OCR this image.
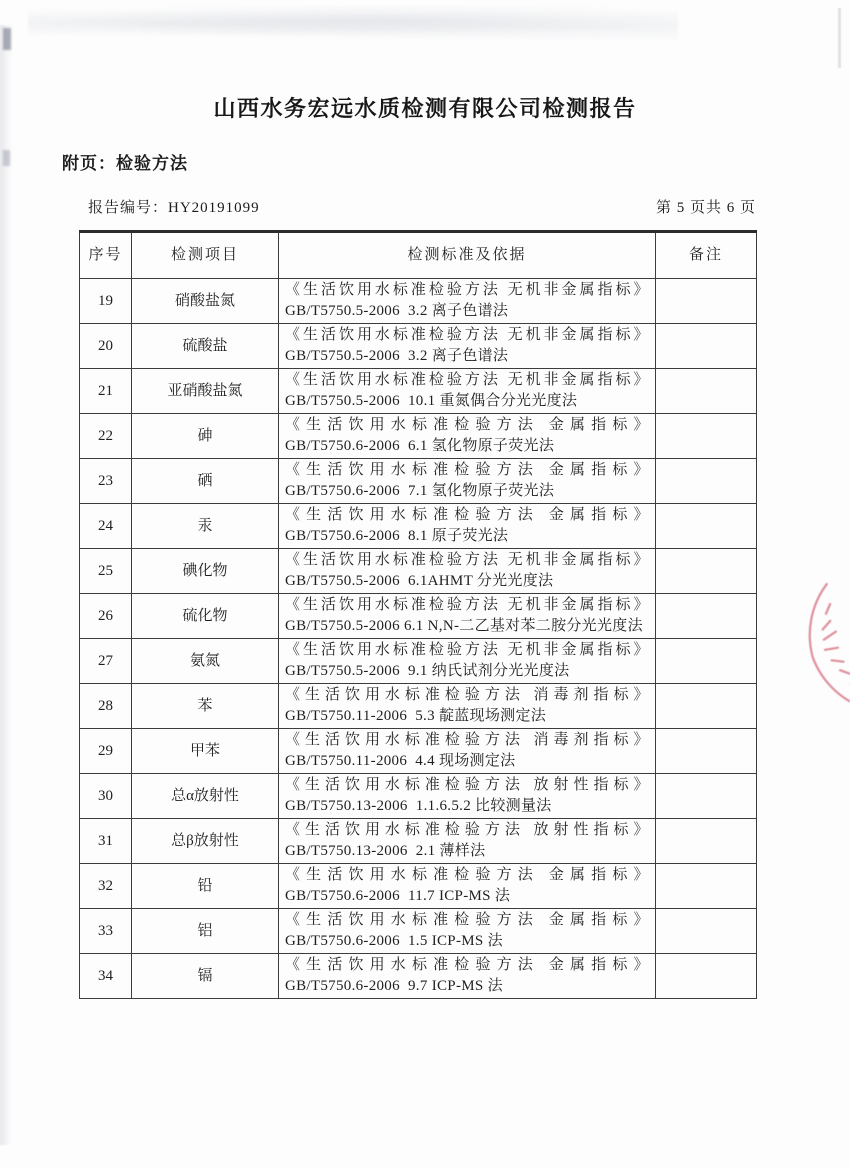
山西水务宏远水质检测有限公司检测报告
附页：检验方法
报告编号：HY20191099	第 5 页共 6 页
序号	检测项目	检测标准及依据	备注
19	硝酸盐氮	《生活饮用水标准检验方法 无机非金属指标》
GB/T5750.5-2006  3.2 离子色谱法	

20	硫酸盐	《生活饮用水标准检验方法 无机非金属指标》
GB/T5750.5-2006  3.2 离子色谱法	

21	亚硝酸盐氮	《生活饮用水标准检验方法 无机非金属指标》
GB/T5750.5-2006  10.1 重氮偶合分光光度法	

22	砷	《生活饮用水标准检验方法 金属指标》
GB/T5750.6-2006  6.1 氢化物原子荧光法	

23	硒	《生活饮用水标准检验方法 金属指标》
GB/T5750.6-2006  7.1 氢化物原子荧光法	

24	汞	《生活饮用水标准检验方法 金属指标》
GB/T5750.6-2006  8.1 原子荧光法	

25	碘化物	《生活饮用水标准检验方法 无机非金属指标》
GB/T5750.5-2006  6.1AHMT 分光光度法	

26	硫化物	《生活饮用水标准检验方法 无机非金属指标》
GB/T5750.5-2006 6.1 N,N-二乙基对苯二胺分光光度法	

27	氨氮	《生活饮用水标准检验方法 无机非金属指标》
GB/T5750.5-2006  9.1 纳氏试剂分光光度法	

28	苯	《生活饮用水标准检验方法 消毒剂指标》
GB/T5750.11-2006  5.3 靛蓝现场测定法	

29	甲苯	《生活饮用水标准检验方法 消毒剂指标》
GB/T5750.11-2006  4.4 现场测定法	

30	总α放射性	《生活饮用水标准检验方法 放射性指标》
GB/T5750.13-2006  1.1.6.5.2 比较测量法	

31	总β放射性	《生活饮用水标准检验方法 放射性指标》
GB/T5750.13-2006  2.1 薄样法	

32	铅	《生活饮用水标准检验方法 金属指标》
GB/T5750.6-2006  11.7 ICP-MS 法	

33	铝	《生活饮用水标准检验方法 金属指标》
GB/T5750.6-2006  1.5 ICP-MS 法	

34	镉	《生活饮用水标准检验方法 金属指标》
GB/T5750.6-2006  9.7 ICP-MS 法	
